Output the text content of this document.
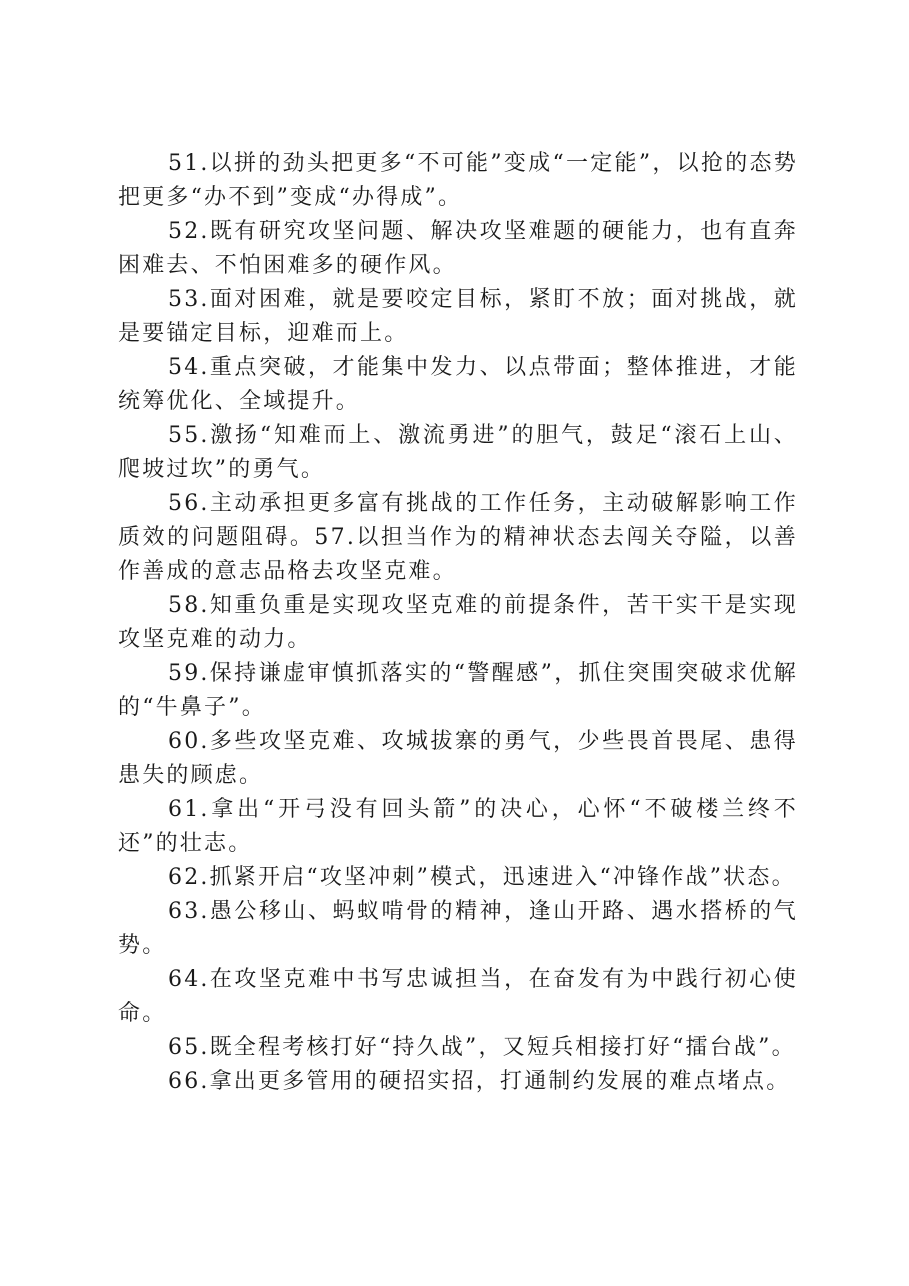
51.以拼的劲头把更多“不可能”变成“一定能”，以抢的态势把更多“办不到”变成“办得成”。

52.既有研究攻坚问题、解决攻坚难题的硬能力，也有直奔困难去、不怕困难多的硬作风。

53.面对困难，就是要咬定目标，紧盯不放；面对挑战，就是要锚定目标，迎难而上。

54.重点突破，才能集中发力、以点带面；整体推进，才能统筹优化、全域提升。

55.激扬“知难而上、激流勇进”的胆气，鼓足“滚石上山、爬坡过坎”的勇气。

56.主动承担更多富有挑战的工作任务，主动破解影响工作质效的问题阻碍。57.以担当作为的精神状态去闯关夺隘，以善作善成的意志品格去攻坚克难。

58.知重负重是实现攻坚克难的前提条件，苦干实干是实现攻坚克难的动力。

59.保持谦虚审慎抓落实的“警醒感”，抓住突围突破求优解的“牛鼻子”。

60.多些攻坚克难、攻城拔寨的勇气，少些畏首畏尾、患得患失的顾虑。

61.拿出“开弓没有回头箭”的决心，心怀“不破楼兰终不还”的壮志。

62.抓紧开启“攻坚冲刺”模式，迅速进入“冲锋作战”状态。

63.愚公移山、蚂蚁啃骨的精神，逢山开路、遇水搭桥的气势。

64.在攻坚克难中书写忠诚担当，在奋发有为中践行初心使命。

65.既全程考核打好“持久战”，又短兵相接打好“擂台战”。

66.拿出更多管用的硬招实招，打通制约发展的难点堵点。
